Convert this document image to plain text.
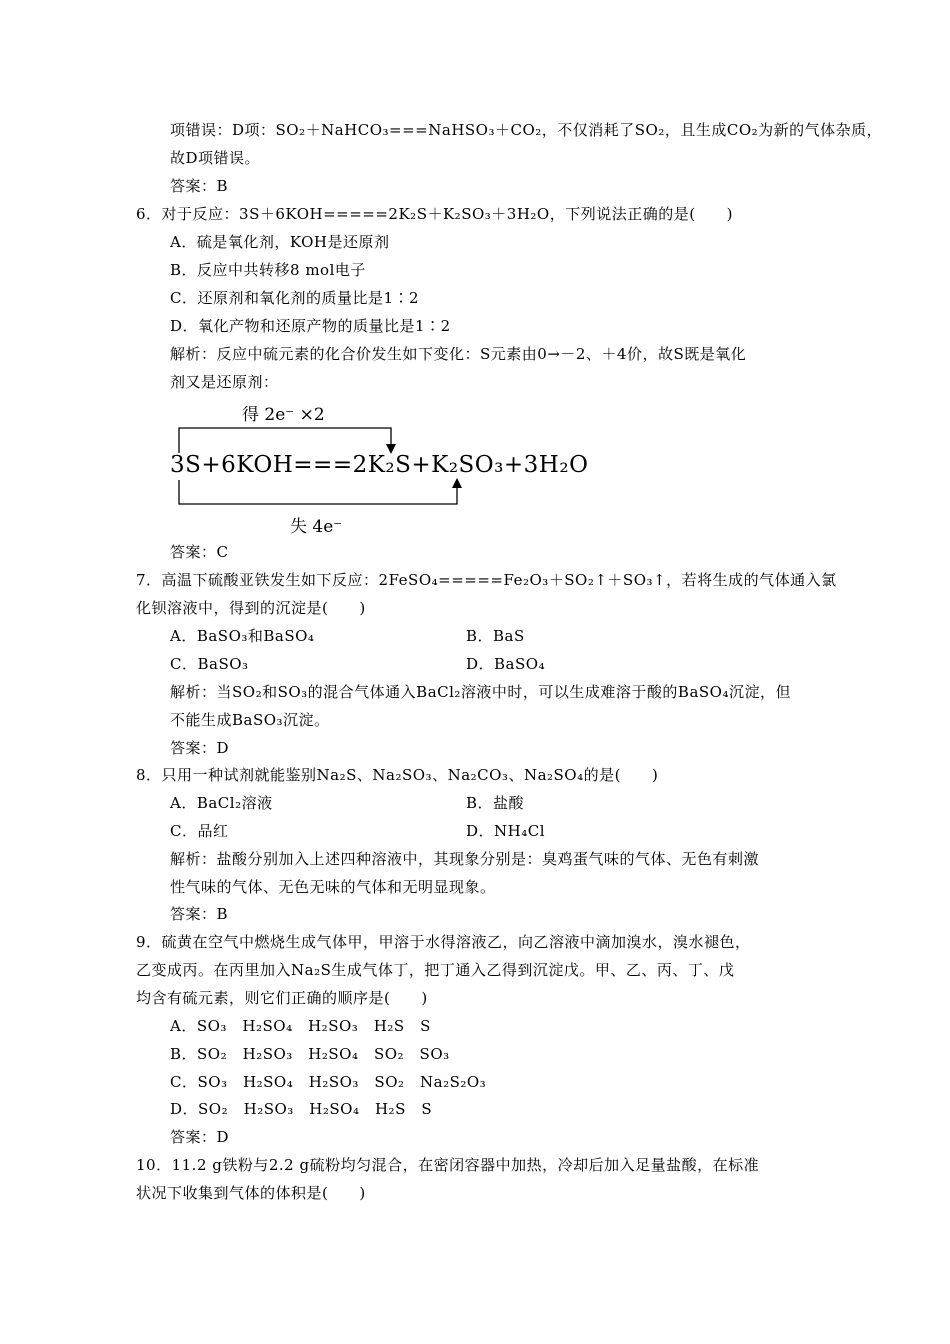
项错误：D项：SO₂＋NaHCO₃===NaHSO₃＋CO₂，不仅消耗了SO₂，且生成CO₂为新的气体杂质，
故D项错误。
答案：B
6．对于反应：3S＋6KOH=====2K₂S＋K₂SO₃＋3H₂O，下列说法正确的是(　　)
A．硫是氧化剂，KOH是还原剂
B．反应中共转移8 mol电子
C．还原剂和氧化剂的质量比是1∶2
D．氧化产物和还原产物的质量比是1∶2
解析：反应中硫元素的化合价发生如下变化：S元素由0→－2、＋4价，故S既是氧化
剂又是还原剂：
得 2e⁻ ×2
3S+6KOH===2K₂S+K₂SO₃+3H₂O
失 4e⁻
答案：C
7．高温下硫酸亚铁发生如下反应：2FeSO₄=====Fe₂O₃＋SO₂↑＋SO₃↑，若将生成的气体通入氯
化钡溶液中，得到的沉淀是(　　)
A．BaSO₃和BaSO₄	B．BaS
C．BaSO₃	D．BaSO₄
解析：当SO₂和SO₃的混合气体通入BaCl₂溶液中时，可以生成难溶于酸的BaSO₄沉淀，但
不能生成BaSO₃沉淀。
答案：D
8．只用一种试剂就能鉴别Na₂S、Na₂SO₃、Na₂CO₃、Na₂SO₄的是(　　)
A．BaCl₂溶液	B．盐酸
C．品红	D．NH₄Cl
解析：盐酸分别加入上述四种溶液中，其现象分别是：臭鸡蛋气味的气体、无色有刺激
性气味的气体、无色无味的气体和无明显现象。
答案：B
9．硫黄在空气中燃烧生成气体甲，甲溶于水得溶液乙，向乙溶液中滴加溴水，溴水褪色，
乙变成丙。在丙里加入Na₂S生成气体丁，把丁通入乙得到沉淀戊。甲、乙、丙、丁、戊
均含有硫元素，则它们正确的顺序是(　　)
A．SO₃　H₂SO₄　H₂SO₃　H₂S　S
B．SO₂　H₂SO₃　H₂SO₄　SO₂　SO₃
C．SO₃　H₂SO₄　H₂SO₃　SO₂　Na₂S₂O₃
D．SO₂　H₂SO₃　H₂SO₄　H₂S　S
答案：D
10．11.2 g铁粉与2.2 g硫粉均匀混合，在密闭容器中加热，冷却后加入足量盐酸，在标准
状况下收集到气体的体积是(　　)
